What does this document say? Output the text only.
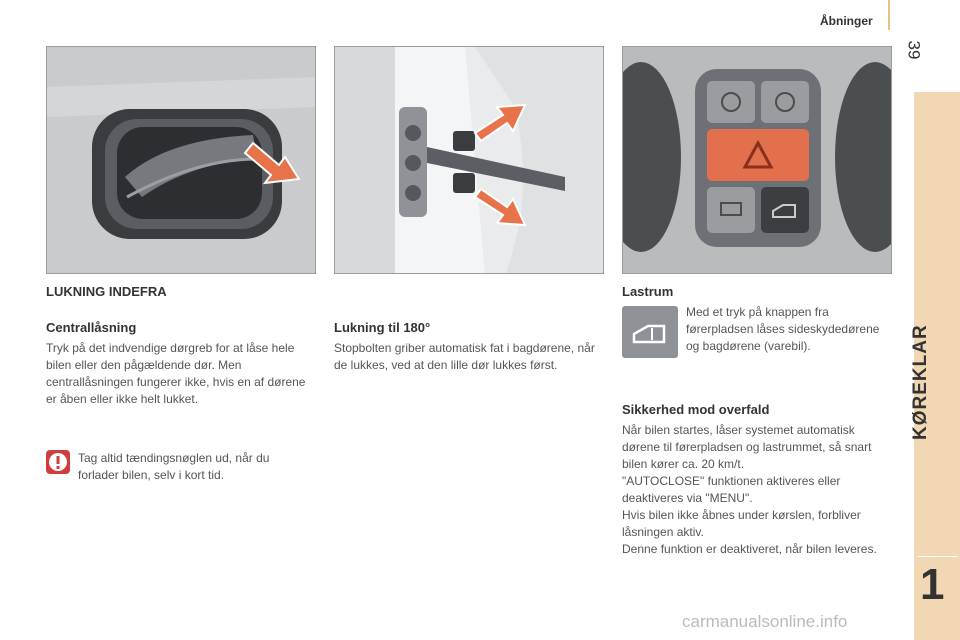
Åbninger
39
KØREKLAR
1
LUKNING INDEFRA
Centrallåsning
Tryk på det indvendige dørgreb for at låse hele bilen eller den pågældende dør. Men centrallåsningen fungerer ikke, hvis en af dørene er åben eller ikke helt lukket.
Tag altid tændingsnøglen ud, når du forlader bilen, selv i kort tid.
Lukning til 180°
Stopbolten griber automatisk fat i bagdørene, når de lukkes, ved at den lille dør lukkes først.
Lastrum
Med et tryk på knappen fra førerpladsen låses sideskydedørene og bagdørene (varebil).
Sikkerhed mod overfald
Når bilen startes, låser systemet automatisk dørene til førerpladsen og lastrummet, så snart bilen kører ca. 20 km/t.
"AUTOCLOSE" funktionen aktiveres eller deaktiveres via "MENU".
Hvis bilen ikke åbnes under kørslen, forbliver låsningen aktiv.
Denne funktion er deaktiveret, når bilen leveres.
carmanualsonline.info
